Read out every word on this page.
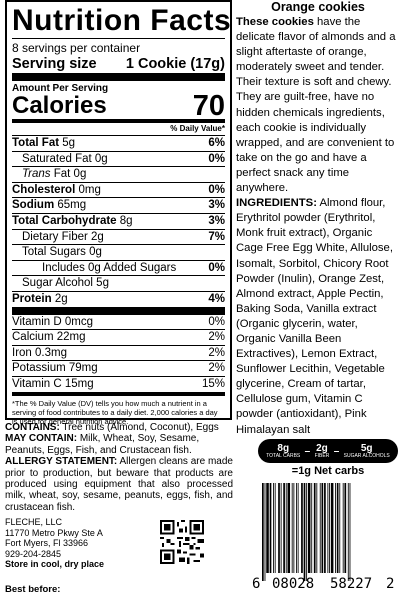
Nutrition Facts
8 servings per container
Serving size 1 Cookie (17g)
Amount Per Serving
Calories	70
% Daily Value*
Total Fat 5g	6%
Saturated Fat 0g	0%
Trans Fat 0g
Cholesterol 0mg	0%
Sodium 65mg	3%
Total Carbohydrate 8g	3%
Dietary Fiber 2g	7%
Total Sugars 0g
Includes 0g Added Sugars	0%
Sugar Alcohol 5g
Protein 2g	4%
Vitamin D 0mcg	0%
Calcium 22mg	2%
Iron 0.3mg	2%
Potassium 79mg	2%
Vitamin C 15mg	15%
*The % Daily Value (DV) tells you how much a nutrient in a serving of food contributes to a daily diet. 2,000 calories a day is used for general nutrition advice.
Orange cookies

These cookies have the delicate flavor of almonds and a slight aftertaste of orange, moderately sweet and tender. Their texture is soft and chewy. They are guilt-free, have no hidden chemicals ingredients, each cookie is individually wrapped, and are convenient to take on the go and have a perfect snack any time anywhere.

INGREDIENTS: Almond flour, Erythritol powder (Erythritol, Monk fruit extract), Organic Cage Free Egg White, Allulose, Isomalt, Sorbitol, Chicory Root Powder (Inulin), Orange Zest, Almond extract, Apple Pectin, Baking Soda, Vanilla extract (Organic glycerin, water, Organic Vanilla Been Extractives), Lemon Extract, Sunflower Lecithin, Vegetable glycerine, Cream of tartar, Cellulose gum, Vitamin C powder (antioxidant), Pink Himalayan salt

8g
TOTAL CARBS – 2g
FIBER – 5g
SUGAR ALCOHOLS
=1g Net carbs

CONTAINS: Tree nuts (Almond, Coconut), Eggs

MAY CONTAIN: Milk, Wheat, Soy, Sesame, Peanuts, Eggs, Fish, and Crustacean fish.

ALLERGY STATEMENT: Allergen cleans are made prior to production, but beware that products are produced using equipment that also processed milk, wheat, soy, sesame, peanuts, eggs, fish, and crustacean fish.

FLECHE, LLC
11770 Metro Pkwy Ste A
Fort Myers, Fl 33966
929-204-2845
Store in cool, dry place
Best before:	6 08028 58227 2
